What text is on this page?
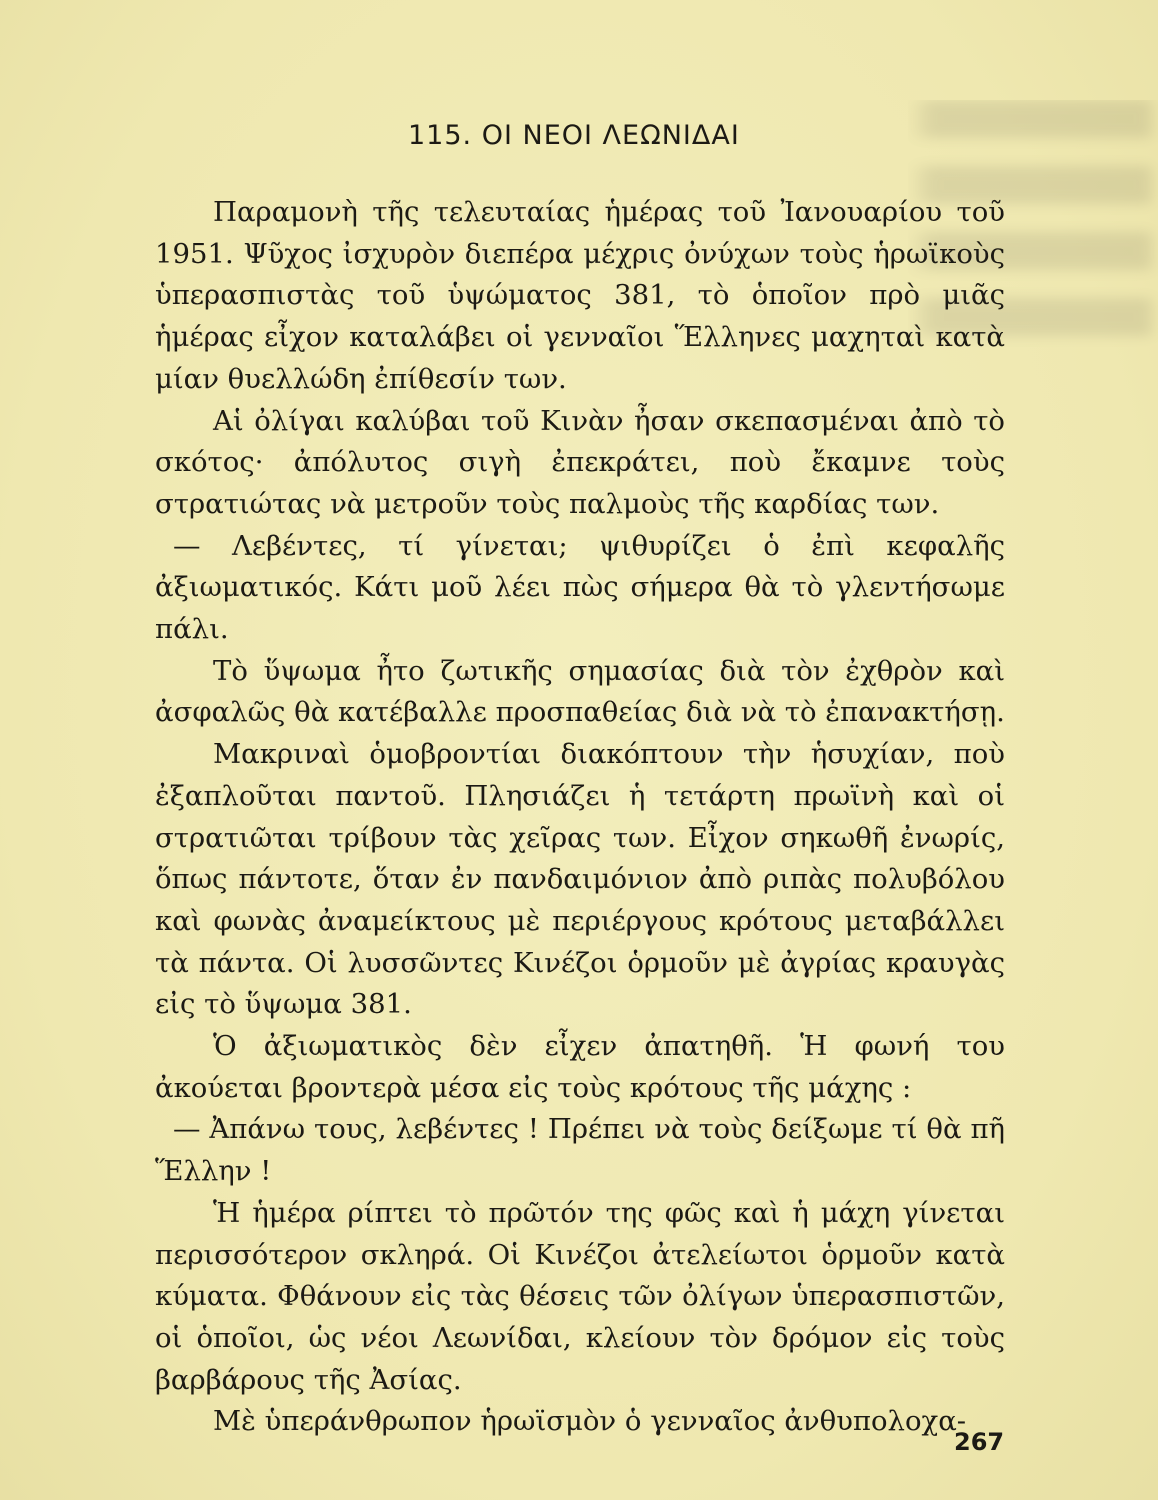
115. ΟΙ ΝΕΟΙ ΛΕΩΝΙΔΑΙ

Παραμονὴ τῆς τελευταίας ἡμέρας τοῦ Ἰανουαρίου τοῦ 1951. Ψῦχος ἰσχυρὸν διεπέρα μέχρις ὀνύχων τοὺς ἡρωϊκοὺς ὑπερασπιστὰς τοῦ ὑψώματος 381, τὸ ὁποῖον πρὸ μιᾶς ἡμέρας εἶχον καταλάβει οἱ γενναῖοι Ἕλληνες μαχηταὶ κατὰ μίαν θυελλώδη ἐπίθεσίν των.

Αἱ ὀλίγαι καλύβαι τοῦ Κινὰν ἦσαν σκεπασμέναι ἀπὸ τὸ σκότος· ἀπόλυτος σιγὴ ἐπεκράτει, ποὺ ἔκαμνε τοὺς στρατιώτας νὰ μετροῦν τοὺς παλμοὺς τῆς καρδίας των.

— Λεβέντες, τί γίνεται; ψιθυρίζει ὁ ἐπὶ κεφαλῆς ἀξιωματικός. Κάτι μοῦ λέει πὼς σήμερα θὰ τὸ γλεντήσωμε πάλι.

Τὸ ὕψωμα ἦτο ζωτικῆς σημασίας διὰ τὸν ἐχθρὸν καὶ ἀσφαλῶς θὰ κατέβαλλε προσπαθείας διὰ νὰ τὸ ἐπανακτήσῃ.

Μακριναὶ ὁμοβροντίαι διακόπτουν τὴν ἡσυχίαν, ποὺ ἐξαπλοῦται παντοῦ. Πλησιάζει ἡ τετάρτη πρωϊνὴ καὶ οἱ στρατιῶται τρίβουν τὰς χεῖρας των. Εἶχον σηκωθῆ ἐνωρίς, ὅπως πάντοτε, ὅταν ἐν πανδαιμόνιον ἀπὸ ριπὰς πολυβόλου καὶ φωνὰς ἀναμείκτους μὲ περιέργους κρότους μεταβάλλει τὰ πάντα. Οἱ λυσσῶντες Κινέζοι ὁρμοῦν μὲ ἀγρίας κραυγὰς εἰς τὸ ὕψωμα 381.

Ὁ ἀξιωματικὸς δὲν εἶχεν ἀπατηθῆ. Ἡ φωνή του ἀκούεται βροντερὰ μέσα εἰς τοὺς κρότους τῆς μάχης :

— Ἀπάνω τους, λεβέντες ! Πρέπει νὰ τοὺς δείξωμε τί θὰ πῆ Ἕλλην !

Ἡ ἡμέρα ρίπτει τὸ πρῶτόν της φῶς καὶ ἡ μάχη γίνεται περισσότερον σκληρά. Οἱ Κινέζοι ἀτελείωτοι ὁρμοῦν κατὰ κύματα. Φθάνουν εἰς τὰς θέσεις τῶν ὀλίγων ὑπερασπιστῶν, οἱ ὁποῖοι, ὡς νέοι Λεωνίδαι, κλείουν τὸν δρόμον εἰς τοὺς βαρβάρους τῆς Ἀσίας.

Μὲ ὑπεράνθρωπον ἡρωϊσμὸν ὁ γενναῖος ἀνθυπολοχα-

267
